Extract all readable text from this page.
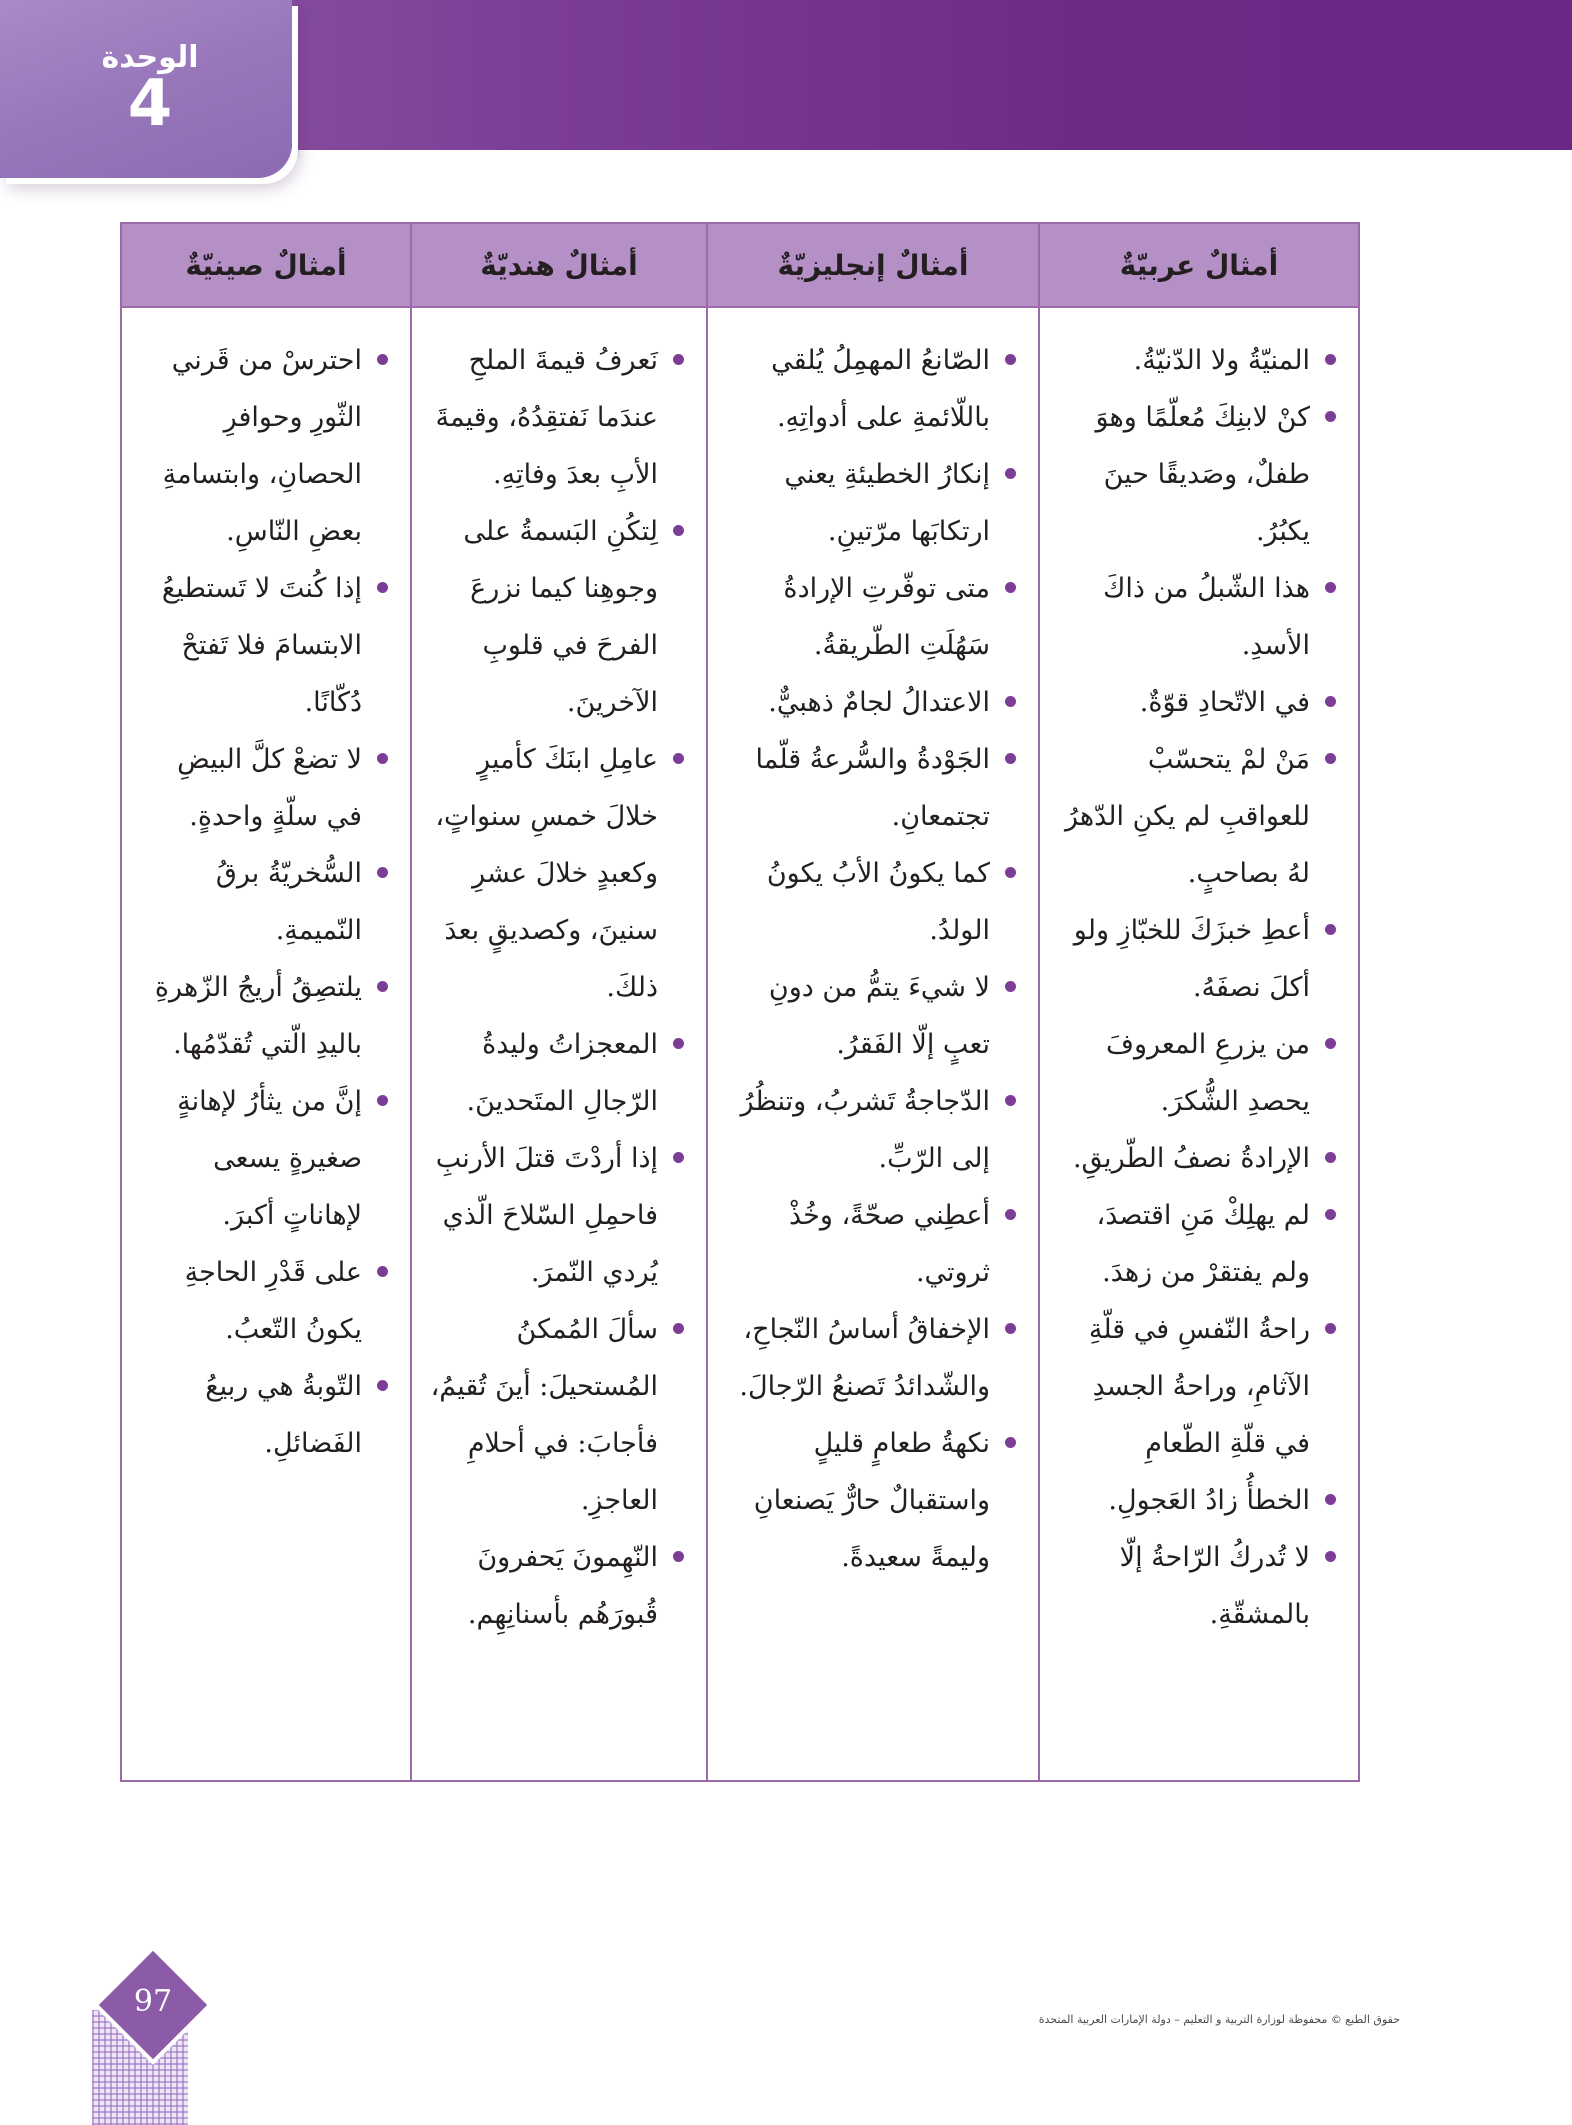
الوحدة
4
أمثالٌ عربيّةٌ
المنيّةُ ولا الدّنيّةُ.
كنْ لابنِكَ مُعلّمًا وهوَ طفلٌ، وصَديقًا حينَ يكبُرُ.
هذا الشّبلُ من ذاكَ الأسدِ.
في الاتّحادِ قوّةٌ.
مَنْ لمْ يتحسّبْ للعواقبِ لم يكنِ الدّهرُ لهُ بصاحبٍ.
أعطِ خبزَكَ للخبّازِ ولو أكلَ نصفَهُ.
من يزرعِ المعروفَ يحصدِ الشُّكرَ.
الإرادةُ نصفُ الطّريقِ.
لم يهلِكْ مَنِ اقتصدَ، ولم يفتقرْ من زهدَ.
راحةُ النّفسِ في قلّةِ الآثامِ، وراحةُ الجسدِ في قلّةِ الطّعامِ
الخطأُ زادُ العَجولِ.
لا تُدركُ الرّاحةُ إلّا بالمشقّةِ.
أمثالٌ إنجليزيّةٌ
الصّانعُ المهمِلُ يُلقي باللّائمةِ على أدواتِهِ.
إنكارُ الخطيئةِ يعني ارتكابَها مرّتينِ.
متى توفّرتِ الإرادةُ سَهُلَتِ الطّريقةُ.
الاعتدالُ لجامٌ ذهبيٌّ.
الجَوْدةُ والسُّرعةُ قلّما تجتمعانِ.
كما يكونُ الأبُ يكونُ الولدُ.
لا شيءَ يتمُّ من دونِ تعبٍ إلّا الفَقرُ.
الدّجاجةُ تَشربُ، وتنظُرُ إلى الرّبِّ.
أعطِني صحّةً، وخُذْ ثروتي.
الإخفاقُ أساسُ النّجاحِ، والشّدائدُ تَصنعُ الرّجالَ.
نكهةُ طعامٍ قليلٍ واستقبالٌ حارٌّ يَصنعانِ وليمةً سعيدةً.
أمثالٌ هنديّةٌ
نَعرفُ قيمةَ الملحِ عندَما نَفتقِدُهُ، وقيمةَ الأبِ بعدَ وفاتِهِ.
لِتكُنِ البَسمةُ على وجوهِنا كيما نزرعَ الفرحَ في قلوبِ الآخرينَ.
عامِلِ ابنَكَ كأميرٍ خلالَ خمسِ سنواتٍ، وكعبدٍ خلالَ عشرِ سنينَ، وكصديقٍ بعدَ ذلكَ.
المعجزاتُ وليدةُ الرّجالِ المتَحدينَ.
إذا أردْتَ قتلَ الأرنبِ فاحمِلِ السّلاحَ الّذي يُردي النّمرَ.
سألَ المُمكنُ المُستحيلَ: أينَ تُقيمُ، فأجابَ: في أحلامِ العاجزِ.
النّهِمونَ يَحفرونَ قُبورَهُم بأسنانِهِم.
أمثالٌ صينيّةٌ
احترسْ من قَرني الثّورِ وحوافرِ الحصانِ، وابتسامةِ بعضِ النّاسِ.
إذا كُنتَ لا تَستطيعُ الابتسامَ فلا تَفتحْ دُكّانًا.
لا تضعْ كلَّ البيضِ في سلّةٍ واحدةٍ.
السُّخريّةُ برقُ النّميمةِ.
يلتصِقُ أريجُ الزّهرةِ باليدِ الّتي تُقدّمُها.
إنَّ من يثأرُ لإهانةٍ صغيرةٍ يسعى لإهاناتٍ أكبرَ.
على قَدْرِ الحاجةِ يكونُ التّعبُ.
التّوبةُ هي ربيعُ الفَضائلِ.
97
حقوق الطبع © محفوظة لوزارة التربية و التعليم – دولة الإمارات العربية المتحدة
